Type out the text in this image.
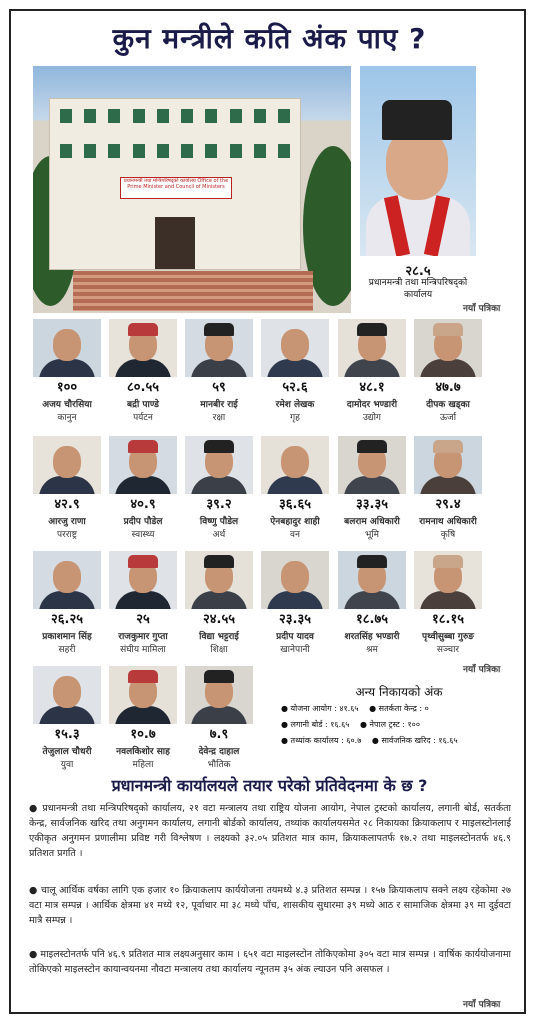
कुन मन्त्रीले कति अंक पाए ?
प्रधानमन्त्री तथा मन्त्रिपरिषद्को कार्यालय Office of the Prime Minister and Council of Ministers
२८.५
प्रधानमन्त्री तथा मन्त्रिपरिषद्को कार्यालय
नयाँ पत्रिका
१००
अजय चौरसिया
कानुन
८०.५५
बद्री पाण्डे
पर्यटन
५९
मानबीर राई
रक्षा
५२.६
रमेश लेखक
गृह
४८.१
दामोदर भण्डारी
उद्योग
४७.७
दीपक खड्का
ऊर्जा
४२.९
आरजु राणा
परराष्ट्र
४०.९
प्रदीप पौडेल
स्वास्थ्य
३९.२
विष्णु पौडेल
अर्थ
३६.६५
ऐनबहादुर शाही
वन
३३.३५
बलराम अधिकारी
भूमि
२९.४
रामनाथ अधिकारी
कृषि
२६.२५
प्रकाशमान सिंह
सहरी
२५
राजकुमार गुप्ता
संघीय मामिला
२४.५५
विद्या भट्टराई
शिक्षा
२३.३५
प्रदीप यादव
खानेपानी
१८.७५
शरतसिंह भण्डारी
श्रम
१८.१५
पृथ्वीसुब्बा गुरुङ
सञ्चार
१५.३
तेजुलाल चौधरी
युवा
१०.७
नवलकिशोर साह
महिला
७.९
देवेन्द्र दाहाल
भौतिक
नयाँ पत्रिका
अन्य निकायको अंक
● योजना आयोग : ४१.६५ ● सतर्कता केन्द्र : ०
● लगानी बोर्ड : १६.६५ ● नेपाल ट्रस्ट : १००
● तथ्यांक कार्यालय : ६०.७ ● सार्वजनिक खरिद : १६.६५
प्रधानमन्त्री कार्यालयले तयार परेको प्रतिवेदनमा के छ ?
● प्रधानमन्त्री तथा मन्त्रिपरिषद्को कार्यालय, २१ वटा मन्त्रालय तथा राष्ट्रिय योजना आयोग, नेपाल ट्रस्टको कार्यालय, लगानी बोर्ड, सतर्कता केन्द्र, सार्वजनिक खरिद तथा अनुगमन कार्यालय, लगानी बोर्डको कार्यालय, तथ्यांक कार्यालयसमेत २८ निकायका क्रियाकलाप र माइलस्टोनलाई एकीकृत अनुगमन प्रणालीमा प्रविष्ट गरी विश्लेषण । लक्ष्यको ३२.०५ प्रतिशत मात्र काम, क्रियाकलापतर्फ १७.२ तथा माइलस्टोनतर्फ ४६.९ प्रतिशत प्रगति ।
● चालू आर्थिक वर्षका लागि एक हजार १० क्रियाकलाप कार्ययोजना तयमध्ये ४.३ प्रतिशत सम्पन्न । १५७ क्रियाकलाप सक्ने लक्ष्य रहेकोमा २७ वटा मात्र सम्पन्न । आर्थिक क्षेत्रमा ४१ मध्ये १२, पूर्वाधार मा ३८ मध्ये पाँच, शासकीय सुधारमा ३९ मध्ये आठ र सामाजिक क्षेत्रमा ३९ मा दुईवटा मात्रै सम्पन्न ।
● माइलस्टोनतर्फ पनि ४६.९ प्रतिशत मात्र लक्ष्यअनुसार काम । ६५१ वटा माइलस्टोन तोकिएकोमा ३०५ वटा मात्र सम्पन्न । वार्षिक कार्ययोजनामा तोकिएको माइलस्टोन कायान्वयनमा नौवटा मन्त्रालय तथा कार्यालय न्यूनतम ३५ अंक ल्याउन पनि असफल ।
नयाँ पत्रिका
